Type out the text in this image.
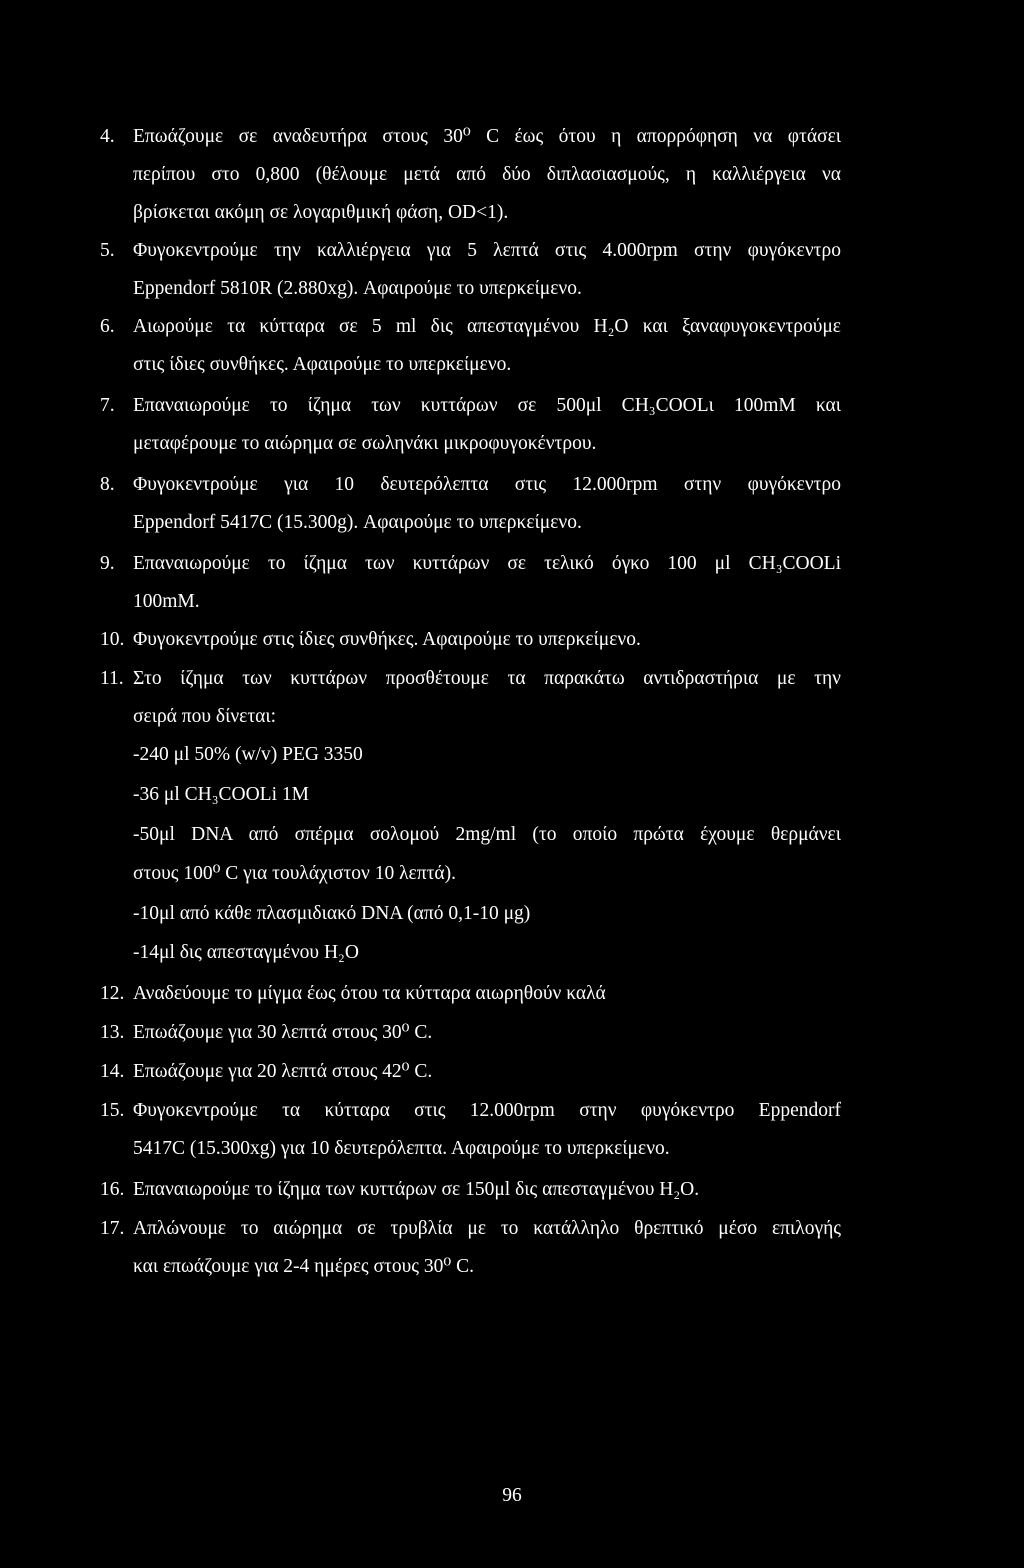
4. Επωάζουμε σε αναδευτήρα στους 30⁰ C έως ότου η απορρόφηση να φτάσει
περίπου στο 0,800 (θέλουμε μετά από δύο διπλασιασμούς, η καλλιέργεια να
βρίσκεται ακόμη σε λογαριθμική φάση, OD<1).
5. Φυγοκεντρούμε την καλλιέργεια για 5 λεπτά στις 4.000rpm στην φυγόκεντρο
Eppendorf 5810R (2.880xg). Αφαιρούμε το υπερκείμενο.
6. Αιωρούμε τα κύτταρα σε 5 ml δις απεσταγμένου H₂O και ξαναφυγοκεντρούμε
στις ίδιες συνθήκες. Αφαιρούμε το υπερκείμενο.
7. Επαναιωρούμε το ίζημα των κυττάρων σε 500μl CH₃COOLι 100mM και
μεταφέρουμε το αιώρημα σε σωληνάκι μικροφυγοκέντρου.
8. Φυγοκεντρούμε για 10 δευτερόλεπτα στις 12.000rpm στην φυγόκεντρο
Eppendorf 5417C (15.300g). Αφαιρούμε το υπερκείμενο.
9. Επαναιωρούμε το ίζημα των κυττάρων σε τελικό όγκο 100 μl CH₃COOLi
100mM.
10. Φυγοκεντρούμε στις ίδιες συνθήκες. Αφαιρούμε το υπερκείμενο.
11. Στο ίζημα των κυττάρων προσθέτουμε τα παρακάτω αντιδραστήρια με την
σειρά που δίνεται:
-240 μl 50% (w/v) PEG 3350
-36 μl CH₃COOLi 1M
-50μl DNA από σπέρμα σολομού 2mg/ml (το οποίο πρώτα έχουμε θερμάνει
στους 100⁰ C για τουλάχιστον 10 λεπτά).
-10μl από κάθε πλασμιδιακό DNA (από 0,1-10 μg)
-14μl δις απεσταγμένου H₂O
12. Αναδεύουμε το μίγμα έως ότου τα κύτταρα αιωρηθούν καλά
13. Επωάζουμε για 30 λεπτά στους 30⁰ C.
14. Επωάζουμε για 20 λεπτά στους 42⁰ C.
15. Φυγοκεντρούμε τα κύτταρα στις 12.000rpm στην φυγόκεντρο Eppendorf
5417C (15.300xg) για 10 δευτερόλεπτα. Αφαιρούμε το υπερκείμενο.
16. Επαναιωρούμε το ίζημα των κυττάρων σε 150μl δις απεσταγμένου H₂O.
17. Απλώνουμε το αιώρημα σε τρυβλία με το κατάλληλο θρεπτικό μέσο επιλογής
και επωάζουμε για 2-4 ημέρες στους 30⁰ C.
96
